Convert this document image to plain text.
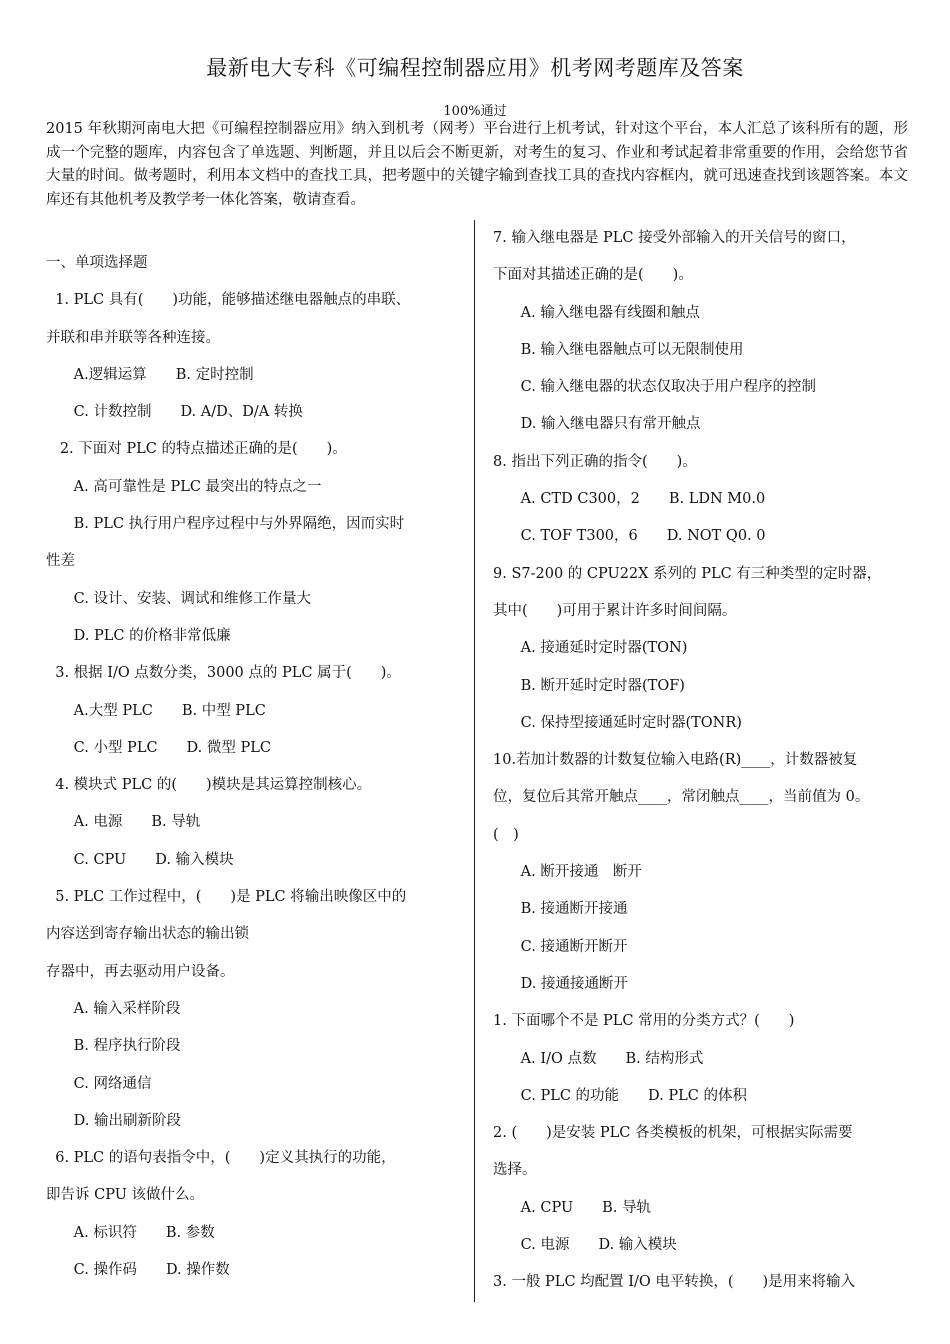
最新电大专科《可编程控制器应用》机考网考题库及答案
100%通过
2015 年秋期河南电大把《可编程控制器应用》纳入到机考（网考）平台进行上机考试，针对这个平台，本人汇总了该科所有的题，形成一个完整的题库，内容包含了单选题、判断题，并且以后会不断更新，对考生的复习、作业和考试起着非常重要的作用，会给您节省大量的时间。做考题时，利用本文档中的查找工具，把考题中的关键字输到查找工具的查找内容框内，就可迅速查找到该题答案。本文库还有其他机考及教学考一体化答案，敬请查看。
一、单项选择题
1. PLC 具有(　　)功能，能够描述继电器触点的串联、
并联和串并联等各种连接。
A.逻辑运算　　B. 定时控制
C. 计数控制　　D. A/D、D/A 转换
2. 下面对 PLC 的特点描述正确的是(　　)。
A. 高可靠性是 PLC 最突出的特点之一
B. PLC 执行用户程序过程中与外界隔绝，因而实时
性差
C. 设计、安装、调试和维修工作量大
D. PLC 的价格非常低廉
3. 根据 I/O 点数分类，3000 点的 PLC 属于(　　)。
A.大型 PLC　　B. 中型 PLC
C. 小型 PLC　　D. 微型 PLC
4. 模块式 PLC 的(　　)模块是其运算控制核心。
A. 电源　　B. 导轨
C. CPU　　D. 输入模块
5. PLC 工作过程中，(　　)是 PLC 将输出映像区中的
内容送到寄存输出状态的输出锁
存器中，再去驱动用户设备。
A. 输入采样阶段
B. 程序执行阶段
C. 网络通信
D. 输出刷新阶段
6. PLC 的语句表指令中，(　　)定义其执行的功能，
即告诉 CPU 该做什么。
A. 标识符　　B. 参数
C. 操作码　　D. 操作数
7. 输入继电器是 PLC 接受外部输入的开关信号的窗口，
下面对其描述正确的是(　　)。
A. 输入继电器有线圈和触点
B. 输入继电器触点可以无限制使用
C. 输入继电器的状态仅取决于用户程序的控制
D. 输入继电器只有常开触点
8. 指出下列正确的指令(　　)。
A. CTD C300，2　　B. LDN M0.0
C. TOF T300，6　　D. NOT Q0. 0
9. S7-200 的 CPU22X 系列的 PLC 有三种类型的定时器，
其中(　　)可用于累计许多时间间隔。
A. 接通延时定时器(TON)
B. 断开延时定时器(TOF)
C. 保持型接通延时定时器(TONR)
10.若加计数器的计数复位输入电路(R)____，计数器被复
位，复位后其常开触点____，常闭触点____，当前值为 0。
(　)
A. 断开接通　断开
B. 接通断开接通
C. 接通断开断开
D. 接通接通断开
1. 下面哪个不是 PLC 常用的分类方式？(　　)
A. I/O 点数　　B. 结构形式
C. PLC 的功能　　D. PLC 的体积
2. (　　)是安装 PLC 各类模板的机架，可根据实际需要
选择。
A. CPU　　B. 导轨
C. 电源　　D. 输入模块
3. 一般 PLC 均配置 I/O 电平转换，(　　)是用来将输入
